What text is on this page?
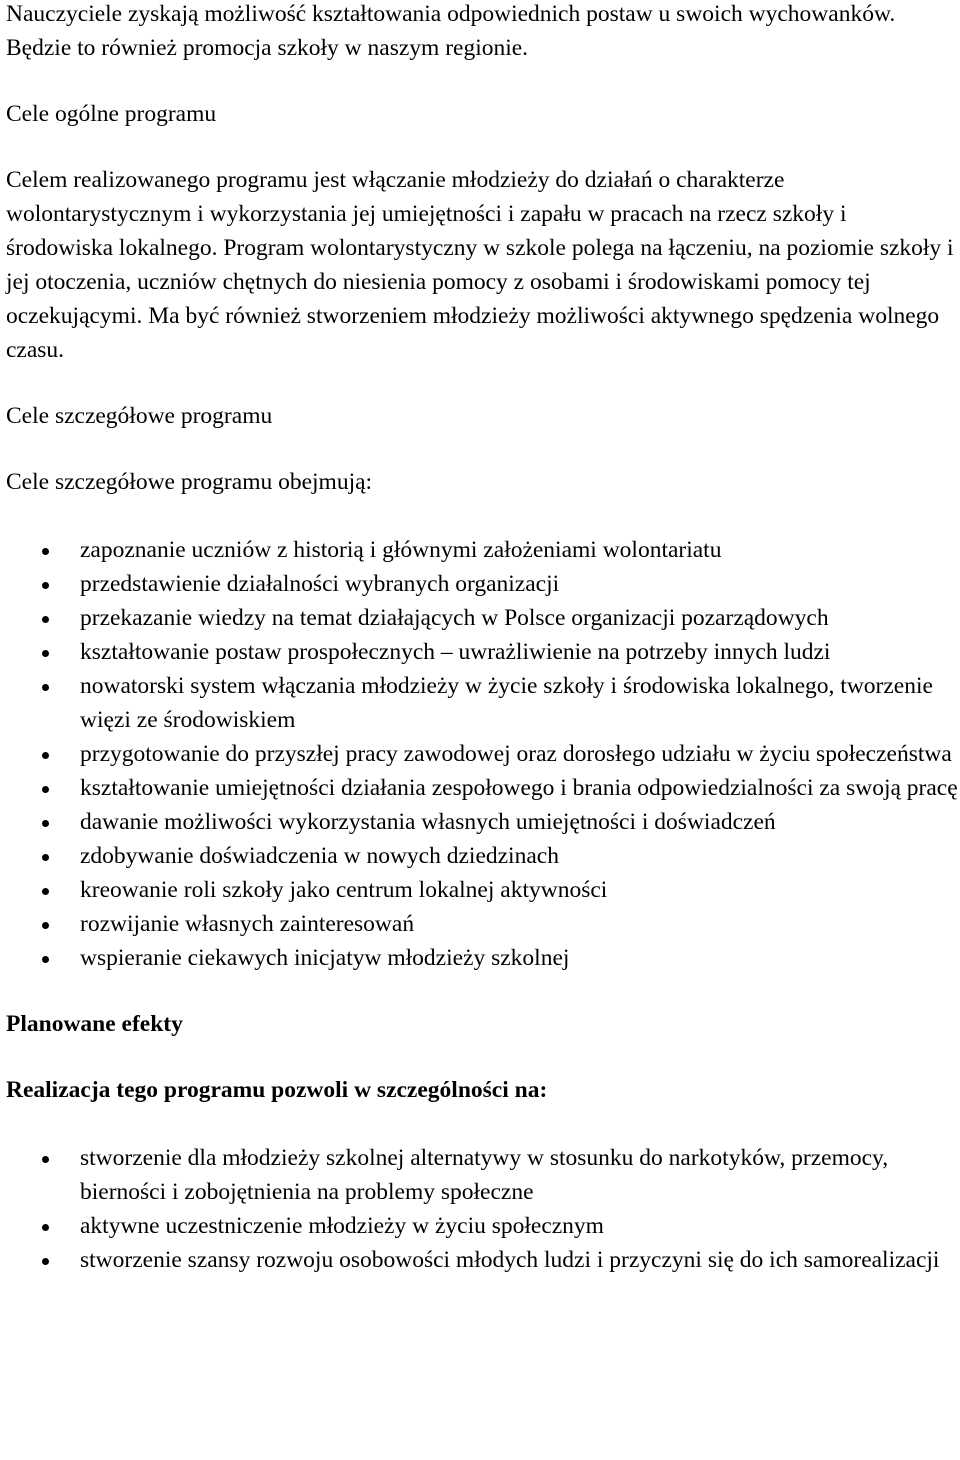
Nauczyciele zyskają możliwość kształtowania odpowiednich postaw u swoich wychowanków. Będzie to również promocja szkoły w naszym regionie.

Cele ogólne programu

Celem realizowanego programu jest włączanie młodzieży do działań o charakterze wolontarystycznym i wykorzystania jej umiejętności i zapału w pracach na rzecz szkoły i środowiska lokalnego. Program wolontarystyczny w szkole polega na łączeniu, na poziomie szkoły i jej otoczenia, uczniów chętnych do niesienia pomocy z osobami i środowiskami pomocy tej oczekującymi. Ma być również stworzeniem młodzieży możliwości aktywnego spędzenia wolnego czasu.

Cele szczegółowe programu

Cele szczegółowe programu obejmują:

zapoznanie uczniów z historią i głównymi założeniami wolontariatu
przedstawienie działalności wybranych organizacji
przekazanie wiedzy na temat działających w Polsce organizacji pozarządowych
kształtowanie postaw prospołecznych – uwrażliwienie na potrzeby innych ludzi
nowatorski system włączania młodzieży w życie szkoły i środowiska lokalnego, tworzenie więzi ze środowiskiem
przygotowanie do przyszłej pracy zawodowej oraz dorosłego udziału w życiu społeczeństwa
kształtowanie umiejętności działania zespołowego i brania odpowiedzialności za swoją pracę
dawanie możliwości wykorzystania własnych umiejętności i doświadczeń
zdobywanie doświadczenia w nowych dziedzinach
kreowanie roli szkoły jako centrum lokalnej aktywności
rozwijanie własnych zainteresowań
wspieranie ciekawych inicjatyw młodzieży szkolnej

Planowane efekty

Realizacja tego programu pozwoli w szczególności na:

stworzenie dla młodzieży szkolnej alternatywy w stosunku do narkotyków, przemocy, bierności i zobojętnienia na problemy społeczne
aktywne uczestniczenie młodzieży w życiu społecznym
stworzenie szansy rozwoju osobowości młodych ludzi i przyczyni się do ich samorealizacji
